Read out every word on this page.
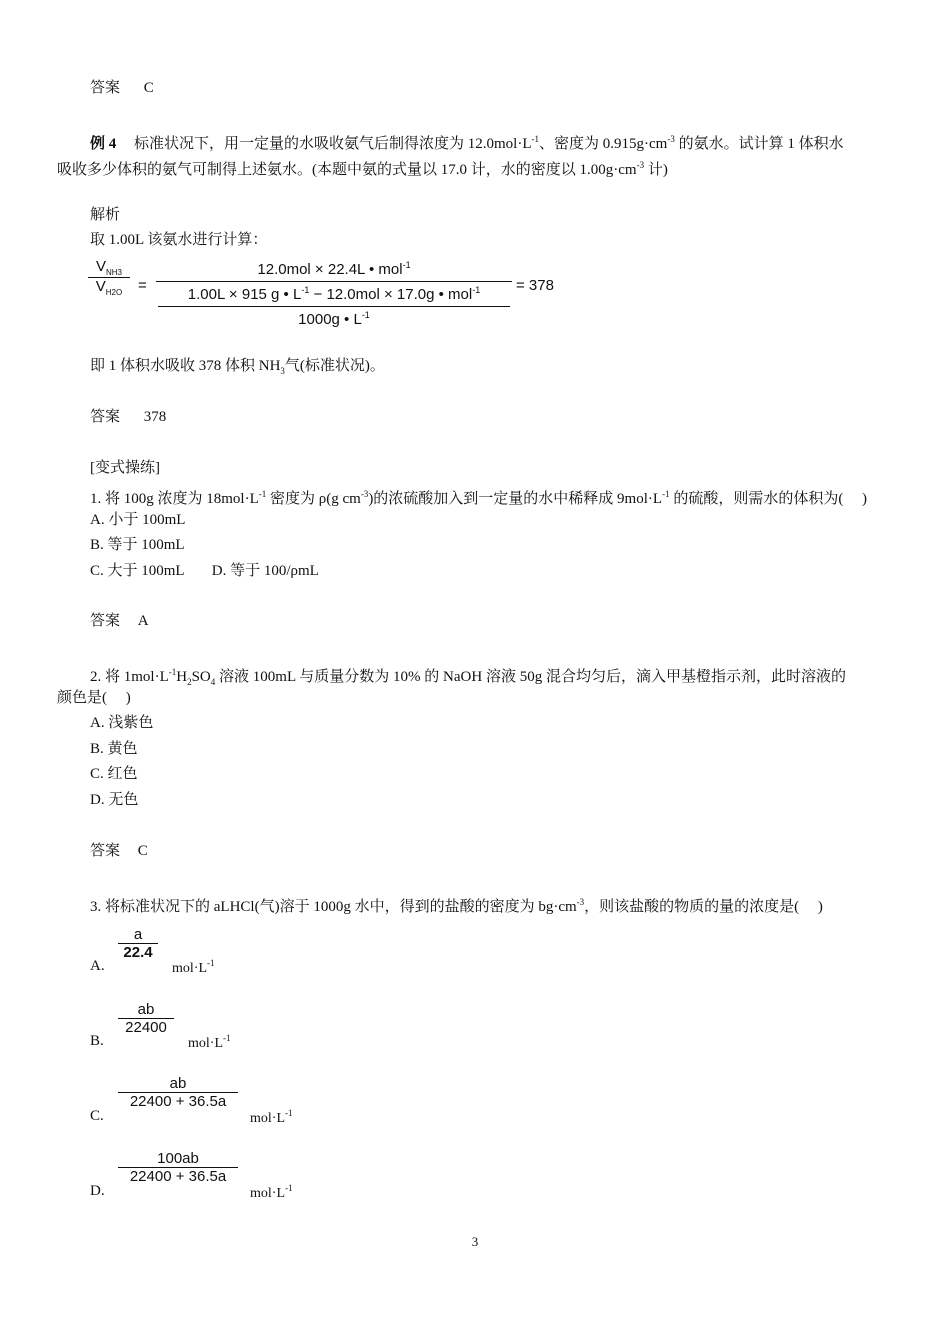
答案 C
例 4 标准状况下，用一定量的水吸收氨气后制得浓度为 $12.0mol\cdot L^{-1}$、密度为 $0.915g\cdot cm^{-3}$ 的氨水。试计算 1 体积水
吸收多少体积的氨气可制得上述氨水。(本题中氨的式量以 17.0 计，水的密度以 $1.00g\cdot cm^{-3}$ 计)
解析
取 1.00L 该氨水进行计算：
$V_{NH3}$
$V_{H2O}$	=
12.0mol × 22.4L • mol$^{-1}$
1.00L × 915 g • $L^{-1} - 12.0mol \times 17.0g$ • mol$^{-1}$
1000g • $L^{-1}$
= 378
即 1 体积水吸收 378 体积 $NH_3$气(标准状况)。
答案 378
[变式操练]
1. 将 100g 浓度为 $18mol\cdot L^{-1}$ 密度为 ρ(g $cm^{-3}$)的浓硫酸加入到一定量的水中稀释成 $9mol\cdot L^{-1}$ 的硫酸，则需水的体积为(　 )
A. 小于 100mL
B. 等于 100mL
C. 大于 100mL D. 等于 100/ρmL
答案 A
2. 将 $1mol\cdot L^{-1}H_2SO_4$ 溶液 100mL 与质量分数为 10% 的 NaOH 溶液 50g 混合均匀后，滴入甲基橙指示剂，此时溶液的
颜色是(　 )
A. 浅紫色
B. 黄色
C. 红色
D. 无色
答案 C
3. 将标准状况下的 aLHCl(气)溶于 1000g 水中，得到的盐酸的密度为 $bg\cdot cm^{-3}$，则该盐酸的物质的量的浓度是(　 )
A.
a
22.4
$mol\cdot L^{-1}$
B.
ab
22400
$mol\cdot L^{-1}$
C.
ab
22400 + 36.5a
$mol\cdot L^{-1}$
D.
100ab
22400 + 36.5a
$mol\cdot L^{-1}$
3
